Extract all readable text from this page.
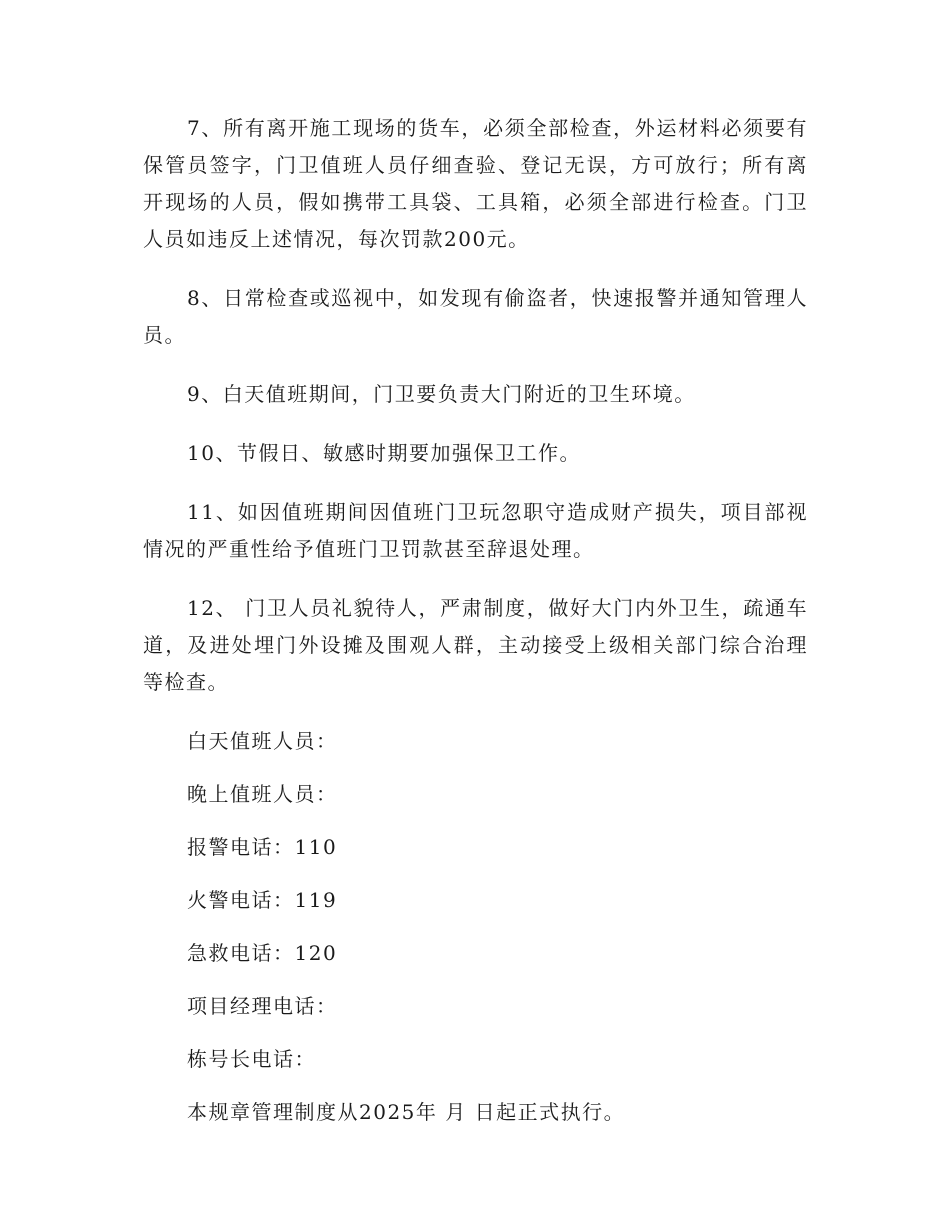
7、所有离开施工现场的货车，必须全部检查，外运材料必须要有保管员签字，门卫值班人员仔细查验、登记无误，方可放行；所有离开现场的人员，假如携带工具袋、工具箱，必须全部进行检查。门卫人员如违反上述情况，每次罚款200元。

8、日常检查或巡视中，如发现有偷盗者，快速报警并通知管理人员。

9、白天值班期间，门卫要负责大门附近的卫生环境。

10、节假日、敏感时期要加强保卫工作。

11、如因值班期间因值班门卫玩忽职守造成财产损失，项目部视情况的严重性给予值班门卫罚款甚至辞退处理。

12、 门卫人员礼貌待人，严肃制度，做好大门内外卫生，疏通车道，及进处埋门外设摊及围观人群，主动接受上级相关部门综合治理等检查。

白天值班人员：

晚上值班人员：

报警电话：110

火警电话：119

急救电话：120

项目经理电话：

栋号长电话：

本规章管理制度从2025年 月 日起正式执行。
